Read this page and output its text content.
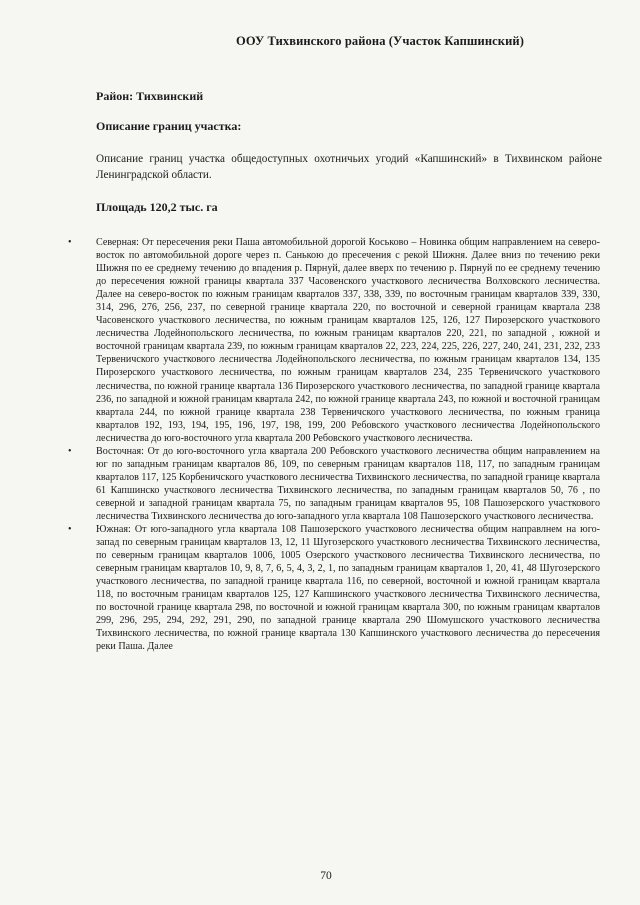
ООУ Тихвинского района (Участок Капшинский)
Район: Тихвинский
Описание границ участка:
Описание границ участка общедоступных охотничьих угодий «Капшинский» в Тихвинском районе Ленинградской области.
Площадь 120,2 тыс. га
• Северная: От пересечения реки Паша автомобильной дорогой Коськово – Новинка общим направлением на северо-восток по автомобильной дороге через п. Санькою до пресечения с рекой Шижня. Далее вниз по течению реки Шижня по ее среднему течению до впадения р. Пярнуй, далее вверх по течению р. Пярнуй по ее среднему течению до пересечения южной границы квартала 337 Часовенского участкового лесничества Волховского лесничества. Далее на северо-восток по южным границам кварталов 337, 338, 339, по восточным границам кварталов 339, 330, 314, 296, 276, 256, 237, по северной границе квартала 220, по восточной и северной границам квартала 238 Часовенского участкового лесничества, по южным границам кварталов 125, 126, 127 Пирозерского участкового лесничества Лодейнопольского лесничества, по южным границам кварталов 220, 221, по западной , южной и восточной границам квартала 239, по южным границам кварталов 22, 223, 224, 225, 226, 227, 240, 241, 231, 232, 233 Тервеничского участкового лесничества Лодейнопольского лесничества, по южным границам кварталов 134, 135 Пирозерского участкового лесничества, по южным границам кварталов 234, 235 Тервеничского участкового лесничества, по южной границе квартала 136 Пирозерского участкового лесничества, по западной границе квартала 236, по западной и южной границам квартала 242, по южной границе квартала 243, по южной и восточной границам квартала 244, по южной границе квартала 238 Тервеничского участкового лесничества, по южным граница кварталов 192, 193, 194, 195, 196, 197, 198, 199, 200 Ребовского участкового лесничества Лодейнопольского лесничества до юго-восточного угла квартала 200 Ребовского участкового лесничества.
• Восточная: От до юго-восточного угла квартала 200 Ребовского участкового лесничества общим направлением на юг по западным границам кварталов 86, 109, по северным границам кварталов 118, 117, по западным границам кварталов 117, 125 Корбеничского участкового лесничества Тихвинского лесничества, по западной границе квартала 61 Капшинско участкового лесничества Тихвинского лесничества, по западным границам кварталов 50, 76 , по северной и западной границам квартала 75, по западным границам кварталов 95, 108 Пашозерского участкового лесничества Тихвинского лесничества до юго-западного угла квартала 108 Пашозерского участкового лесничества.
• Южная: От юго-западного угла квартала 108 Пашозерского участкового лесничества общим направлнем на юго-запад по северным границам кварталов 13, 12, 11 Шугозерского участкового лесничества Тихвинского лесничества, по северным границам кварталов 1006, 1005 Озерского участкового лесничества Тихвинского лесничества, по северным границам кварталов 10, 9, 8, 7, 6, 5, 4, 3, 2, 1, по западным границам кварталов 1, 20, 41, 48 Шугозерского участкового лесничества, по западной границе квартала 116, по северной, восточной и южной границам квартала 118, по восточным границам кварталов 125, 127 Капшинского участкового лесничества Тихвинского лесничества, по восточной границе квартала 298, по восточной и южной границам квартала 300, по южным границам кварталов 299, 296, 295, 294, 292, 291, 290, по западной границе квартала 290 Шомушского участкового лесничества Тихвинского лесничества, по южной границе квартала 130 Капшинского участкового лесничества до пересечения реки Паша. Далее
70
